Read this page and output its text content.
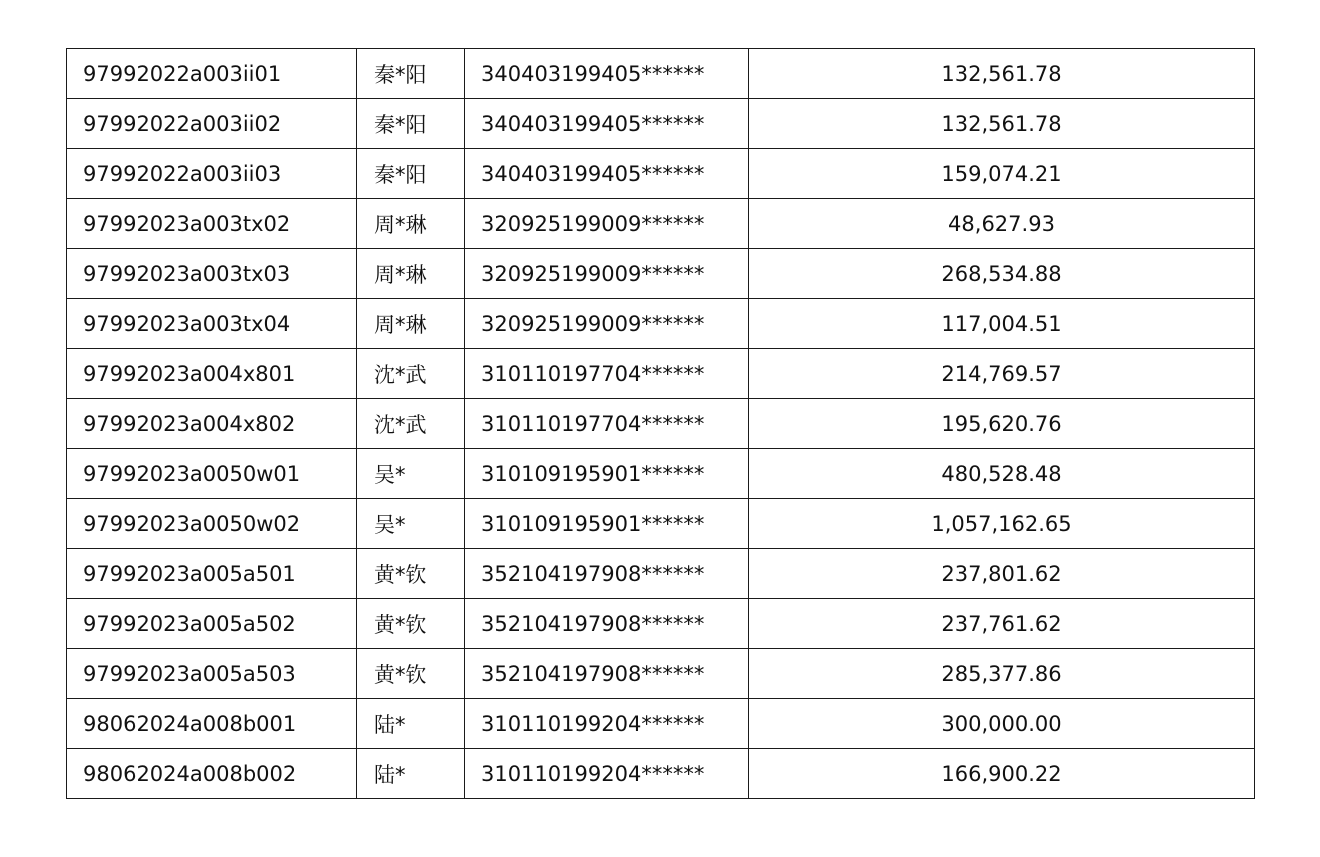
97992022a003ii01	秦*阳	340403199405******	132,561.78
97992022a003ii02	秦*阳	340403199405******	132,561.78
97992022a003ii03	秦*阳	340403199405******	159,074.21
97992023a003tx02	周*琳	320925199009******	48,627.93
97992023a003tx03	周*琳	320925199009******	268,534.88
97992023a003tx04	周*琳	320925199009******	117,004.51
97992023a004x801	沈*武	310110197704******	214,769.57
97992023a004x802	沈*武	310110197704******	195,620.76
97992023a0050w01	吴*	310109195901******	480,528.48
97992023a0050w02	吴*	310109195901******	1,057,162.65
97992023a005a501	黄*钦	352104197908******	237,801.62
97992023a005a502	黄*钦	352104197908******	237,761.62
97992023a005a503	黄*钦	352104197908******	285,377.86
98062024a008b001	陆*	310110199204******	300,000.00
98062024a008b002	陆*	310110199204******	166,900.22
